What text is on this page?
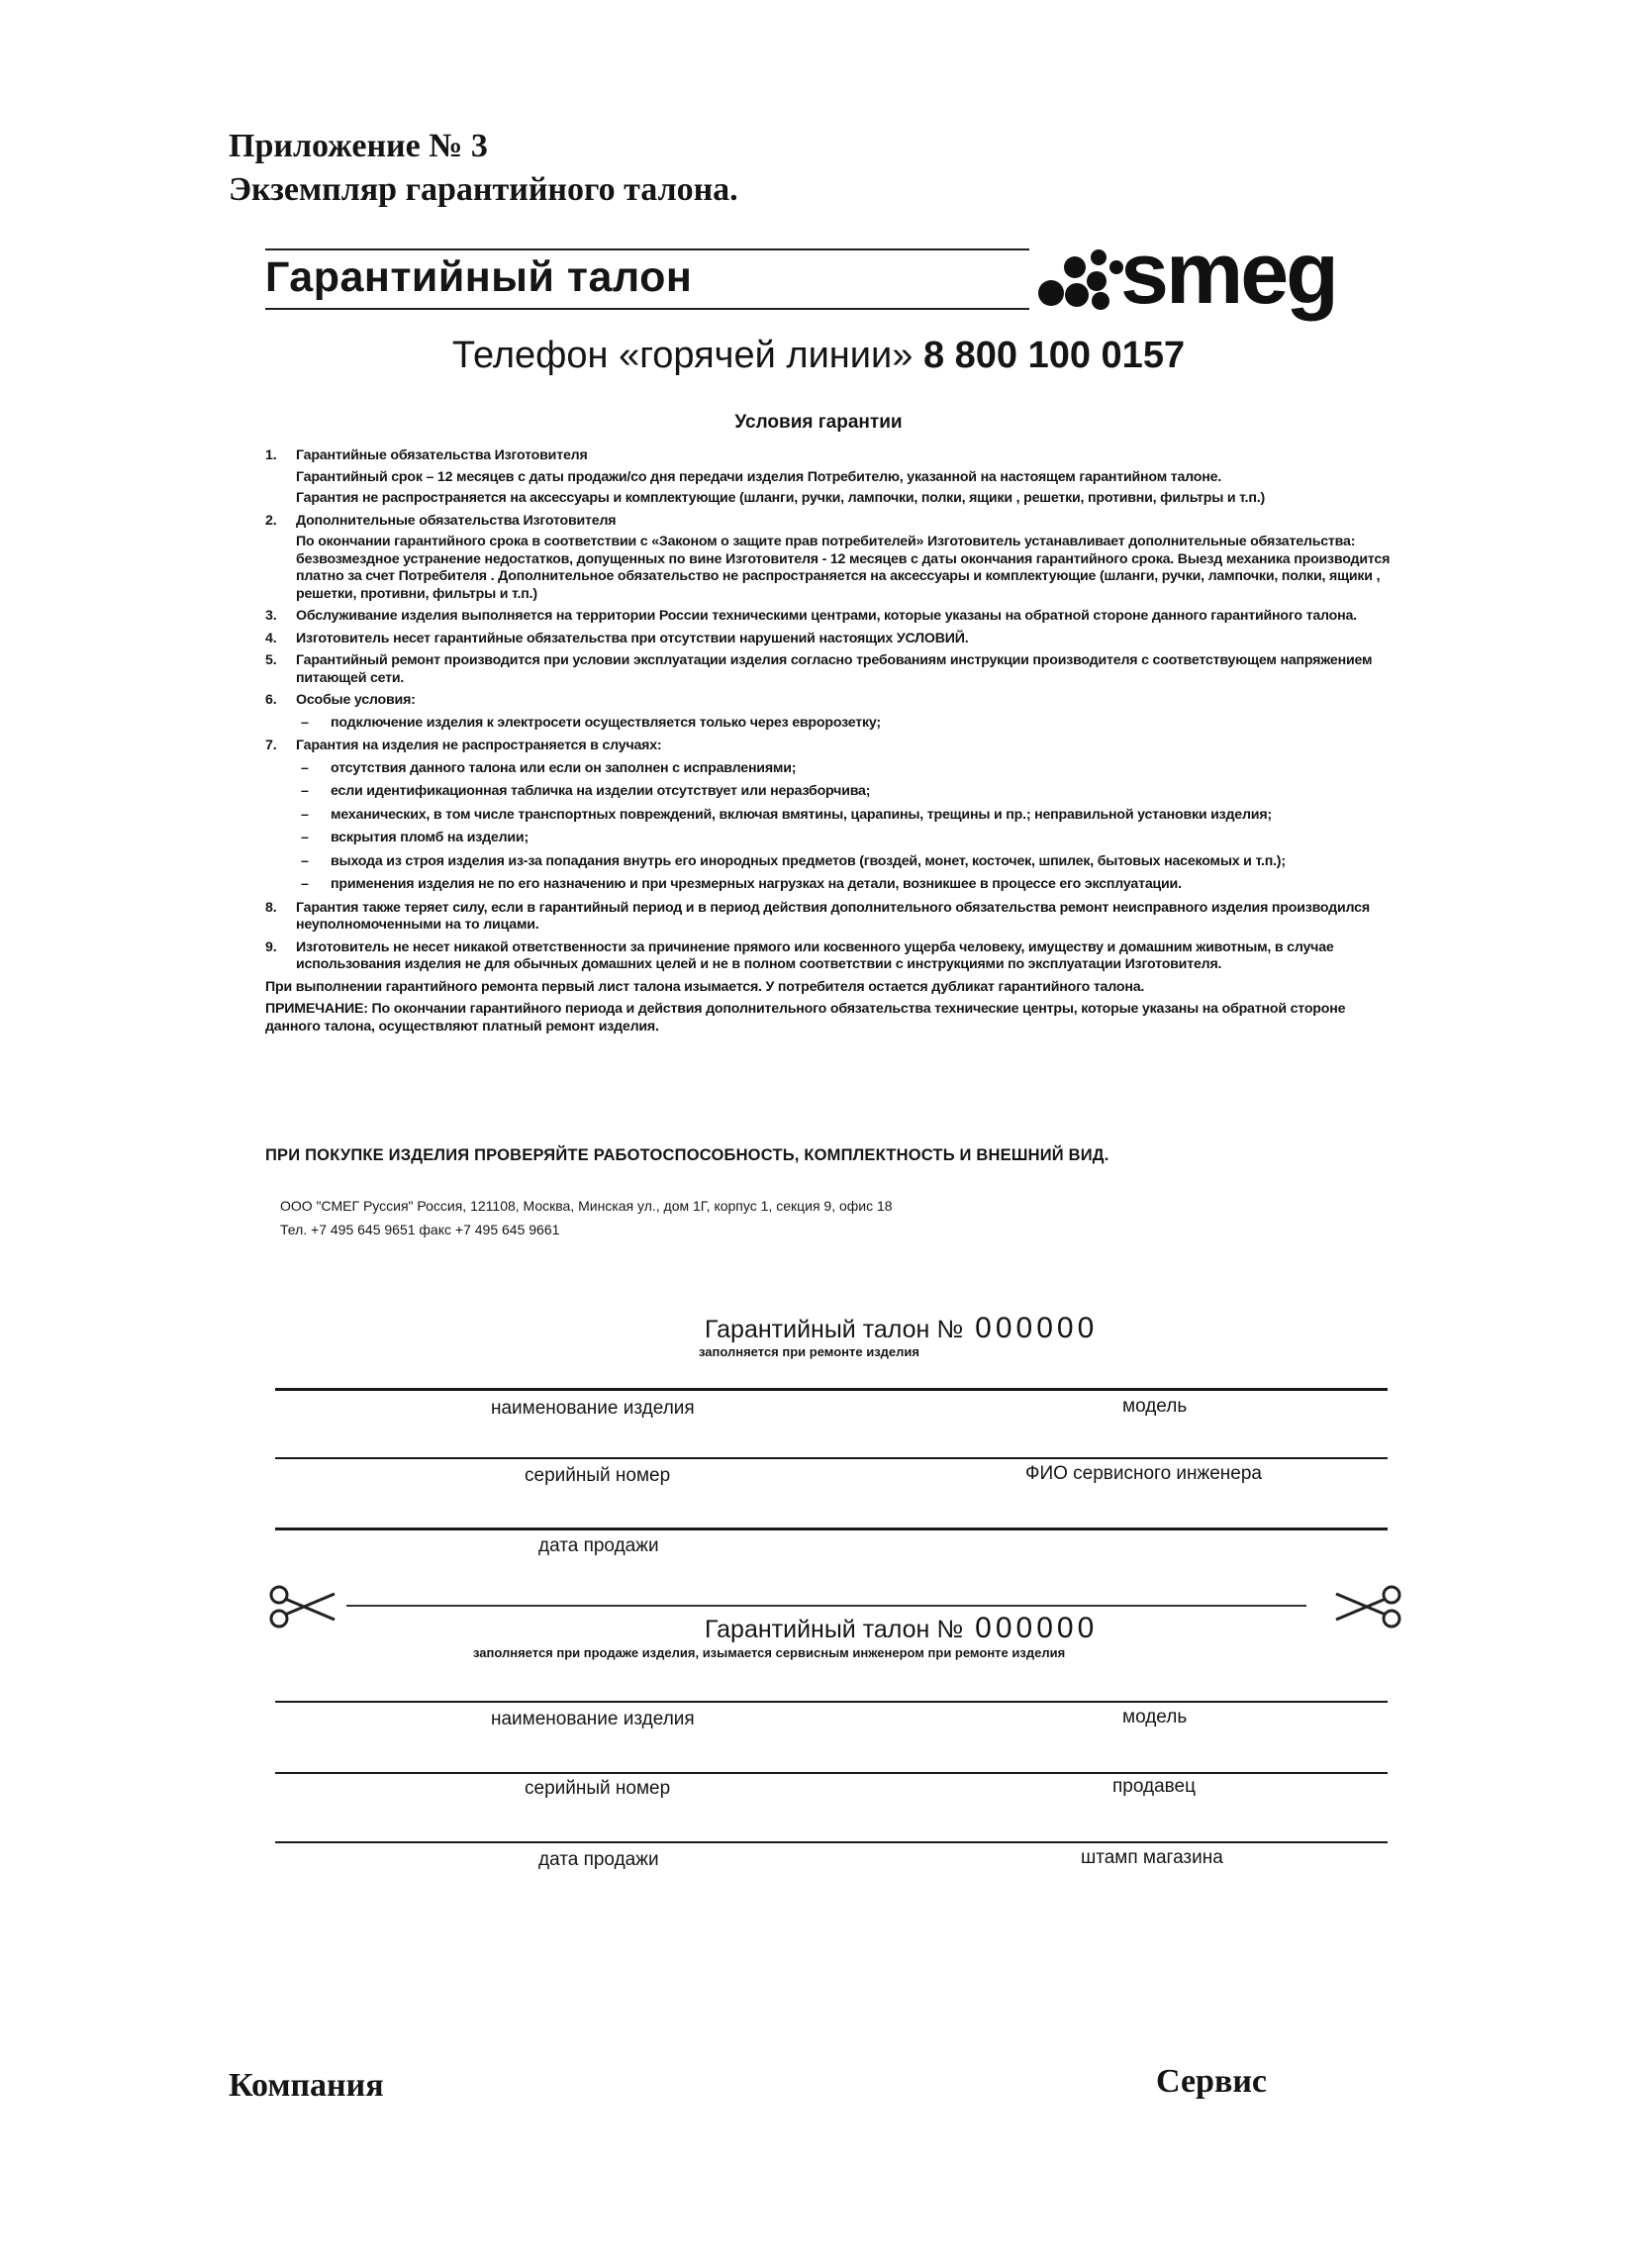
Приложение № 3
Экземпляр гарантийного талона.
Гарантийный талон	smeg
Телефон «горячей линии» 8 800 100 0157
Условия гарантии
1. Гарантийные обязательства Изготовителя

Гарантийный срок – 12 месяцев с даты продажи/со дня передачи изделия Потребителю, указанной на настоящем гарантийном талоне.

Гарантия не распространяется на аксессуары и комплектующие (шланги, ручки, лампочки, полки, ящики , решетки, противни, фильтры и т.п.)

2. Дополнительные обязательства Изготовителя

По окончании гарантийного срока в соответствии с «Законом о защите прав потребителей» Изготовитель устанавливает дополнительные обязательства: безвозмездное устранение недостатков, допущенных по вине Изготовителя - 12 месяцев с даты окончания гарантийного срока. Выезд механика производится платно за счет Потребителя . Дополнительное обязательство не распространяется на аксессуары и комплектующие (шланги, ручки, лампочки, полки, ящики , решетки, противни, фильтры и т.п.)

3. Обслуживание изделия выполняется на территории России техническими центрами, которые указаны на обратной стороне данного гарантийного талона.

4. Изготовитель несет гарантийные обязательства при отсутствии нарушений настоящих УСЛОВИЙ.

5. Гарантийный ремонт производится при условии эксплуатации изделия согласно требованиям инструкции производителя с соответствующем напряжением питающей сети.

6. Особые условия:

– подключение изделия к электросети осуществляется только через евророзетку;
7. Гарантия на изделия не распространяется в случаях:

– отсутствия данного талона или если он заполнен с исправлениями;
– если идентификационная табличка на изделии отсутствует или неразборчива;
– механических, в том числе транспортных повреждений, включая вмятины, царапины, трещины и пр.; неправильной установки изделия;
– вскрытия пломб на изделии;
– выхода из строя изделия из-за попадания внутрь его инородных предметов (гвоздей, монет, косточек, шпилек, бытовых насекомых и т.п.);
– применения изделия не по его назначению и при чрезмерных нагрузках на детали, возникшее в процессе его эксплуатации.
8. Гарантия также теряет силу, если в гарантийный период и в период действия дополнительного обязательства ремонт неисправного изделия производился неуполномоченными на то лицами.

9. Изготовитель не несет никакой ответственности за причинение прямого или косвенного ущерба человеку, имуществу и домашним животным, в случае использования изделия не для обычных домашних целей и не в полном соответствии с инструкциями по эксплуатации Изготовителя.

При выполнении гарантийного ремонта первый лист талона изымается. У потребителя остается дубликат гарантийного талона.
ПРИМЕЧАНИЕ: По окончании гарантийного периода и действия дополнительного обязательства технические центры, которые указаны на обратной стороне данного талона, осуществляют платный ремонт изделия.
ПРИ ПОКУПКЕ ИЗДЕЛИЯ ПРОВЕРЯЙТЕ РАБОТОСПОСОБНОСТЬ, КОМПЛЕКТНОСТЬ И ВНЕШНИЙ ВИД.
ООО "СМЕГ Руссия" Россия, 121108, Москва, Минская ул., дом 1Г, корпус 1, секция 9, офис 18
Тел. +7 495 645 9651 факс +7 495 645 9661
Гарантийный талон № 000000
заполняется при ремонте изделия
наименование изделия	модель
серийный номер	ФИО сервисного инженера
дата продажи
Гарантийный талон № 000000
заполняется при продаже изделия, изымается сервисным инженером при ремонте изделия
наименование изделия	модель
серийный номер	продавец
дата продажи	штамп магазина
Компания	Сервис
